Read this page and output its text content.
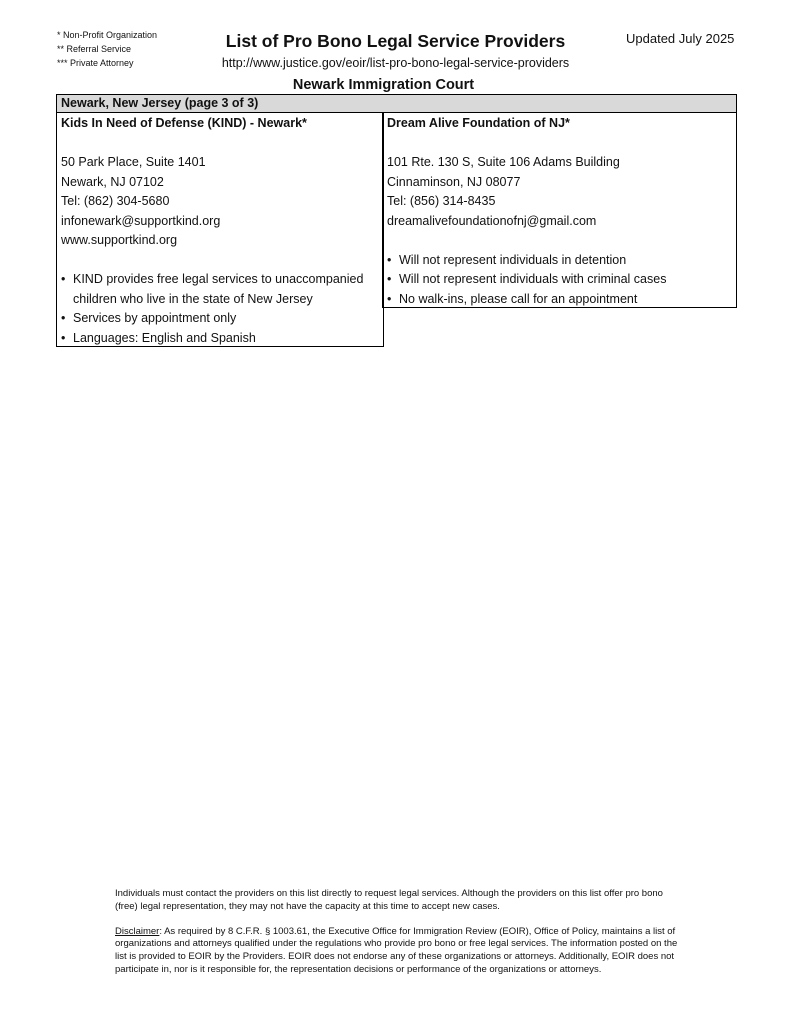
* Non-Profit Organization
** Referral Service
*** Private Attorney
List of Pro Bono Legal Service Providers
http://www.justice.gov/eoir/list-pro-bono-legal-service-providers
Updated July 2025
Newark Immigration Court
Newark, New Jersey (page 3 of 3)
Kids In Need of Defense (KIND) - Newark*
50 Park Place, Suite 1401
Newark, NJ 07102
Tel: (862) 304-5680
infonewark@supportkind.org
www.supportkind.org
• KIND provides free legal services to unaccompanied
children who live in the state of New Jersey
• Services by appointment only
• Languages: English and Spanish
Dream Alive Foundation of NJ*
101 Rte. 130 S, Suite 106 Adams Building
Cinnaminson, NJ 08077
Tel: (856) 314-8435
dreamalivefoundationofnj@gmail.com
• Will not represent individuals in detention
• Will not represent individuals with criminal cases
• No walk-ins, please call for an appointment

Individuals must contact the providers on this list directly to request legal services. Although the providers on this list offer pro bono (free) legal representation, they may not have the capacity at this time to accept new cases.

Disclaimer: As required by 8 C.F.R. § 1003.61, the Executive Office for Immigration Review (EOIR), Office of Policy, maintains a list of organizations and attorneys qualified under the regulations who provide pro bono or free legal services. The information posted on the list is provided to EOIR by the Providers. EOIR does not endorse any of these organizations or attorneys. Additionally, EOIR does not participate in, nor is it responsible for, the representation decisions or performance of the organizations or attorneys.
